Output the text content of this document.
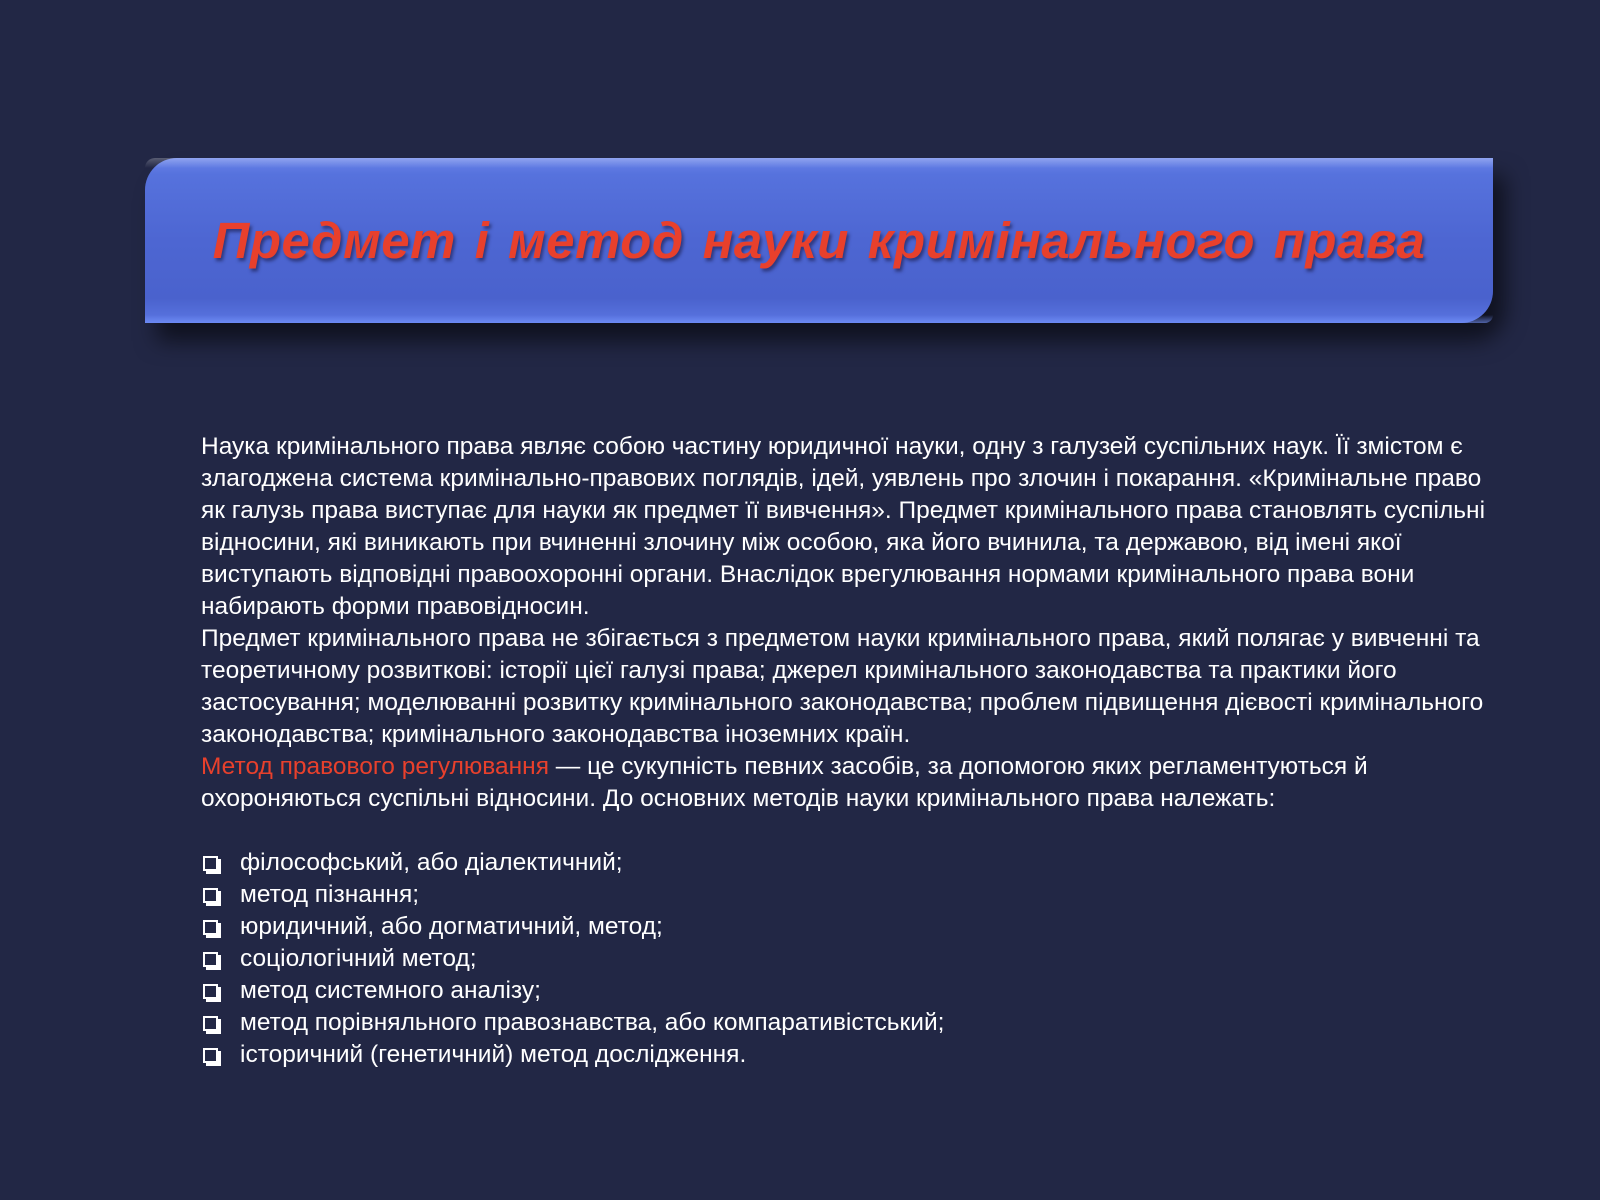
Предмет і метод науки кримінального права

Наука кримінального права являє собою частину юридичної науки, одну з галузей суспільних наук. Її змістом є злагоджена система кримінально-правових поглядів, ідей, уявлень про злочин і покарання. «Кримінальне право як галузь права виступає для науки як предмет її вивчення». Предмет кримінального права становлять суспільні відносини, які виникають при вчиненні злочину між особою, яка його вчинила, та державою, від імені якої виступають відповідні правоохоронні органи. Внаслідок врегулювання нормами кримінального права вони набирають форми правовідносин.

Предмет кримінального права не збігається з предметом науки кримінального права, який полягає у вивченні та теоретичному розвиткові: історії цієї галузі права; джерел кримінального законодавства та практики його застосування; моделюванні розвитку кримінального законодавства; проблем підвищення дієвості кримінального законодавства; кримінального законодавства іноземних країн.

Метод правового регулювання — це сукупність певних засобів, за допомогою яких регламентуються й охороняються суспільні відносини. До основних методів науки кримінального права належать:

філософський, або діалектичний;
метод пізнання;
юридичний, або догматичний, метод;
соціологічний метод;
метод системного аналізу;
метод порівняльного правознавства, або компаративістський;
історичний (генетичний) метод дослідження.
